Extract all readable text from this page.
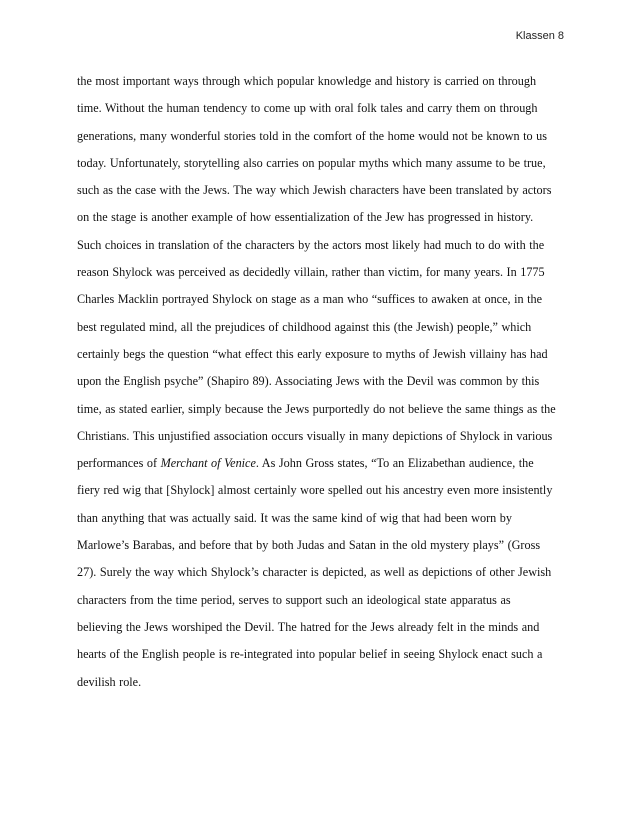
Klassen 8
the most important ways through which popular knowledge and history is carried on through
time. Without the human tendency to come up with oral folk tales and carry them on through
generations, many wonderful stories told in the comfort of the home would not be known to us
today. Unfortunately, storytelling also carries on popular myths which many assume to be true,
such as the case with the Jews. The way which Jewish characters have been translated by actors
on the stage is another example of how essentialization of the Jew has progressed in history.
Such choices in translation of the characters by the actors most likely had much to do with the
reason Shylock was perceived as decidedly villain, rather than victim, for many years. In 1775
Charles Macklin portrayed Shylock on stage as a man who “suffices to awaken at once, in the
best regulated mind, all the prejudices of childhood against this (the Jewish) people,” which
certainly begs the question “what effect this early exposure to myths of Jewish villainy has had
upon the English psyche” (Shapiro 89). Associating Jews with the Devil was common by this
time, as stated earlier, simply because the Jews purportedly do not believe the same things as the
Christians. This unjustified association occurs visually in many depictions of Shylock in various
performances of Merchant of Venice. As John Gross states, “To an Elizabethan audience, the
fiery red wig that [Shylock] almost certainly wore spelled out his ancestry even more insistently
than anything that was actually said. It was the same kind of wig that had been worn by
Marlowe’s Barabas, and before that by both Judas and Satan in the old mystery plays” (Gross
27). Surely the way which Shylock’s character is depicted, as well as depictions of other Jewish
characters from the time period, serves to support such an ideological state apparatus as
believing the Jews worshiped the Devil. The hatred for the Jews already felt in the minds and
hearts of the English people is re-integrated into popular belief in seeing Shylock enact such a
devilish role.
